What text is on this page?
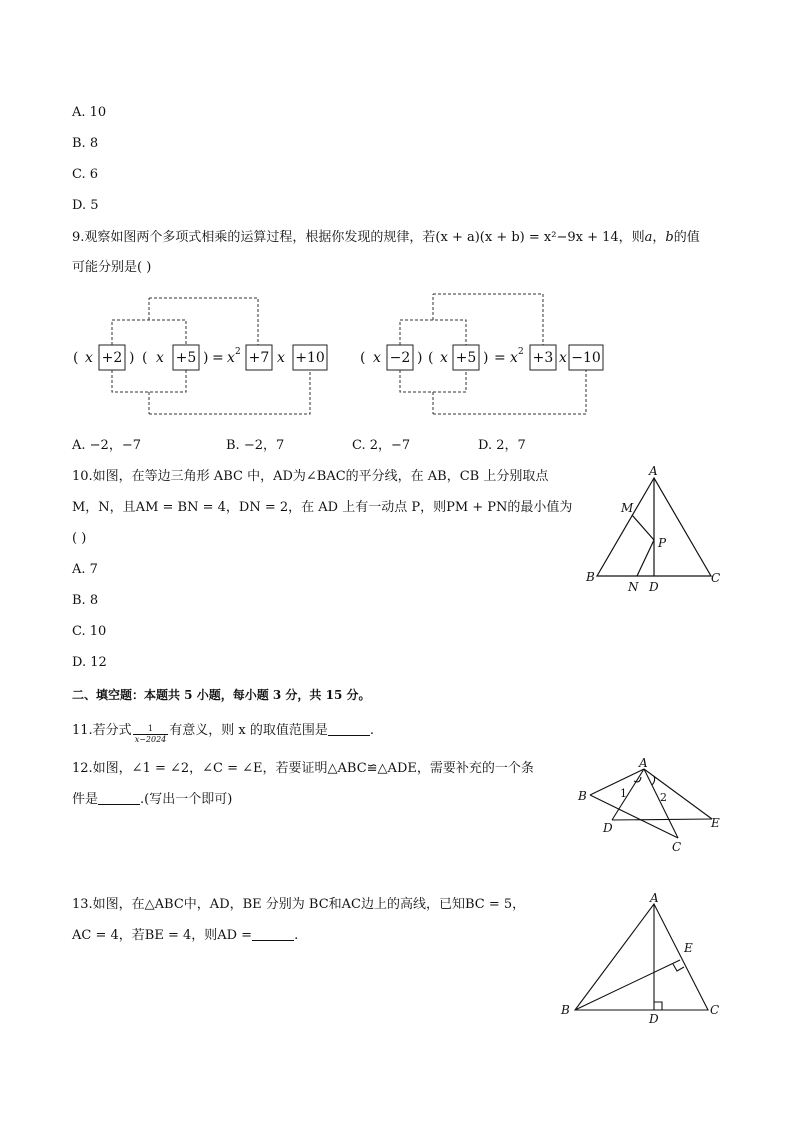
A. 10
B. 8
C. 6
D. 5
9.观察如图两个多项式相乘的运算过程，根据你发现的规律，若(x + a)(x + b) = x²−9x + 14，则a，b的值
可能分别是( )
( x	) ( x	) = x 2	x	( x	) ( x	) = x 2	x
+2	+5	+7 +10	−2	+5	+3 −10
A. −2，−7	B. −2，7	C. 2，−7	D. 2，7
10.如图，在等边三角形 ABC 中，AD为∠BAC的平分线，在 AB，CB 上分别取点
M，N，且AM = BN = 4，DN = 2，在 AD 上有一动点 P，则PM + PN的最小值为
( )
A
B	C
D
M
N
P
A. 7
B. 8
C. 10
D. 12
二、填空题：本题共 5 小题，每小题 3 分，共 15 分。
11.若分式 $\frac{1}{x-2024}$ 有意义，则 x 的取值范围是	.
12.如图，∠1 = ∠2，∠C = ∠E，若要证明△ABC≌△ADE，需要补充的一个条
件是	.(写出一个即可)
A
B
C
D	E
1	2
13.如图，在△ABC中，AD，BE 分别为 BC和AC边上的高线，已知BC = 5，
AC = 4，若BE = 4，则AD =	.
A
B	C
D
E
